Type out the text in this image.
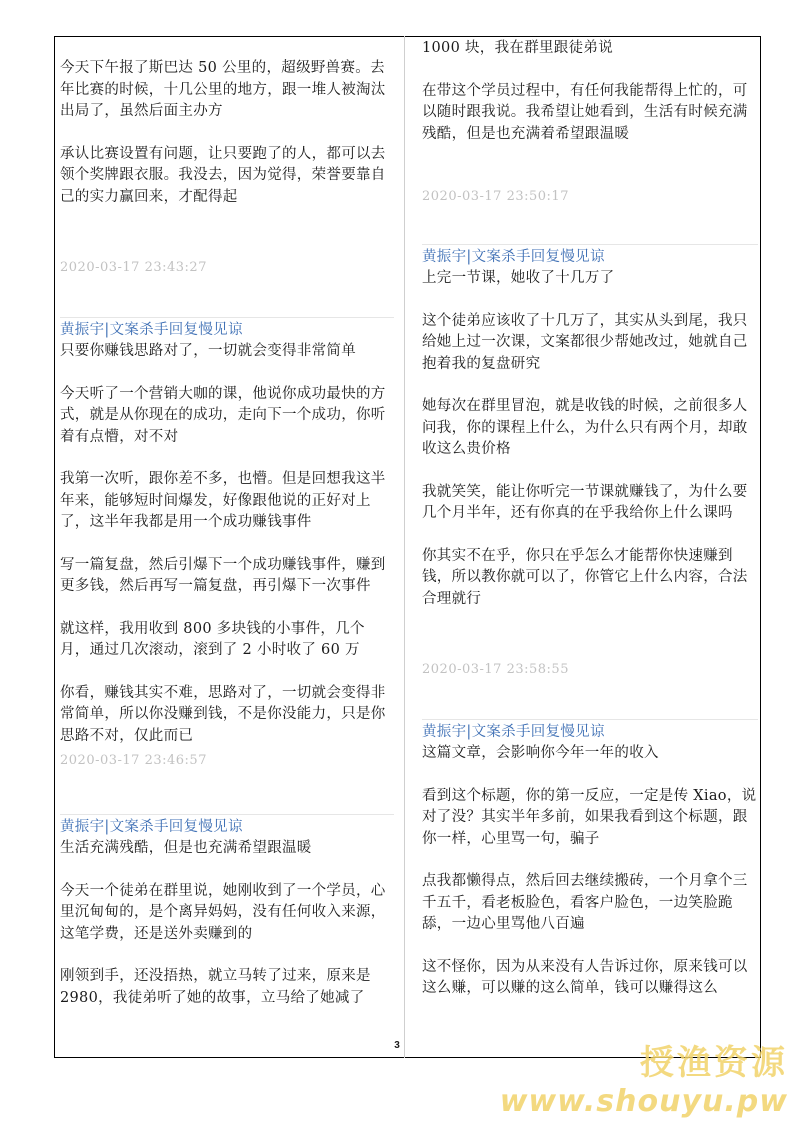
今天下午报了斯巴达 50 公里的，超级野兽赛。去年比赛的时候，十几公里的地方，跟一堆人被淘汰出局了，虽然后面主办方

承认比赛设置有问题，让只要跑了的人，都可以去领个奖牌跟衣服。我没去，因为觉得，荣誉要靠自己的实力赢回来，才配得起

2020-03-17 23:43:27

黄振宇|文案杀手回复慢见谅

只要你赚钱思路对了，一切就会变得非常简单

今天听了一个营销大咖的课，他说你成功最快的方式，就是从你现在的成功，走向下一个成功，你听着有点懵，对不对

我第一次听，跟你差不多，也懵。但是回想我这半年来，能够短时间爆发，好像跟他说的正好对上了，这半年我都是用一个成功赚钱事件

写一篇复盘，然后引爆下一个成功赚钱事件，赚到更多钱，然后再写一篇复盘，再引爆下一次事件

就这样，我用收到 800 多块钱的小事件，几个月，通过几次滚动，滚到了 2 小时收了 60 万

你看，赚钱其实不难，思路对了，一切就会变得非常简单，所以你没赚到钱，不是你没能力，只是你思路不对，仅此而已

2020-03-17 23:46:57

黄振宇|文案杀手回复慢见谅

生活充满残酷，但是也充满希望跟温暖

今天一个徒弟在群里说，她刚收到了一个学员，心里沉甸甸的，是个离异妈妈，没有任何收入来源，这笔学费，还是送外卖赚到的

刚领到手，还没捂热，就立马转了过来，原来是 2980，我徒弟听了她的故事，立马给了她减了

1000 块，我在群里跟徒弟说

在带这个学员过程中，有任何我能帮得上忙的，可以随时跟我说。我希望让她看到，生活有时候充满残酷，但是也充满着希望跟温暖

2020-03-17 23:50:17

黄振宇|文案杀手回复慢见谅

上完一节课，她收了十几万了

这个徒弟应该收了十几万了，其实从头到尾，我只给她上过一次课，文案都很少帮她改过，她就自己抱着我的复盘研究

她每次在群里冒泡，就是收钱的时候，之前很多人问我，你的课程上什么，为什么只有两个月，却敢收这么贵价格

我就笑笑，能让你听完一节课就赚钱了，为什么要几个月半年，还有你真的在乎我给你上什么课吗

你其实不在乎，你只在乎怎么才能帮你快速赚到钱，所以教你就可以了，你管它上什么内容，合法合理就行

2020-03-17 23:58:55

黄振宇|文案杀手回复慢见谅

这篇文章，会影响你今年一年的收入

看到这个标题，你的第一反应，一定是传 Xiao，说对了没？其实半年多前，如果我看到这个标题，跟你一样，心里骂一句，骗子

点我都懒得点，然后回去继续搬砖，一个月拿个三千五千，看老板脸色，看客户脸色，一边笑脸跪舔，一边心里骂他八百遍

这不怪你，因为从来没有人告诉过你，原来钱可以这么赚，可以赚的这么简单，钱可以赚得这么

3	授渔资源
www.shouyu.pw
